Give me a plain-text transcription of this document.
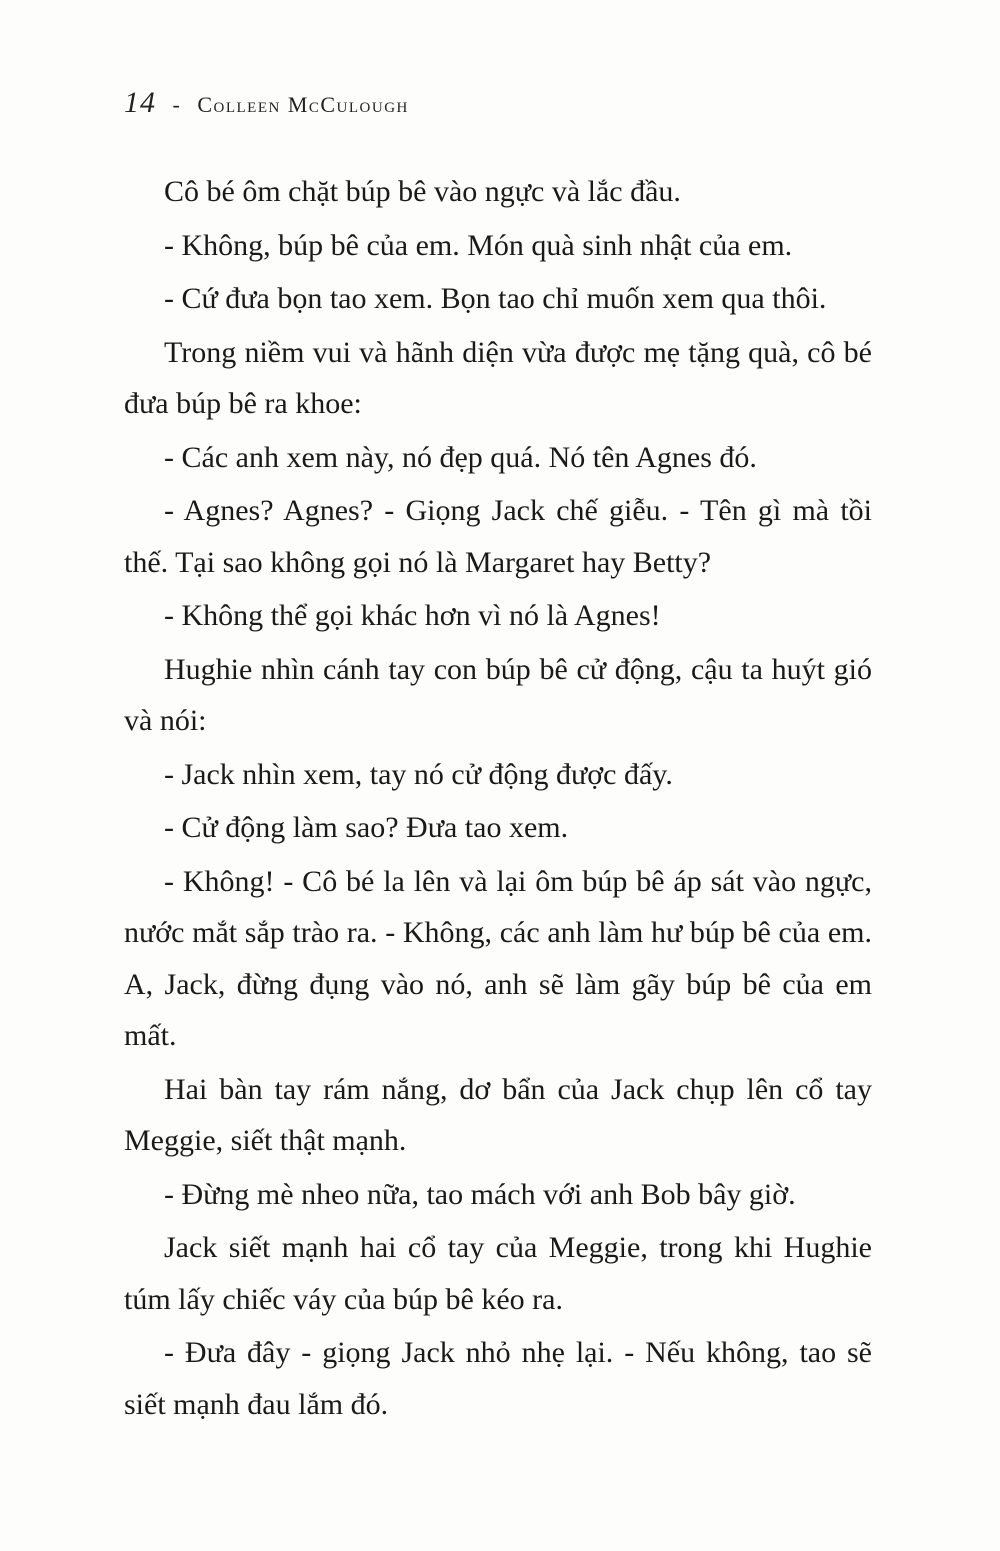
14 - Colleen McCulough

Cô bé ôm chặt búp bê vào ngực và lắc đầu.

- Không, búp bê của em. Món quà sinh nhật của em.

- Cứ đưa bọn tao xem. Bọn tao chỉ muốn xem qua thôi.

Trong niềm vui và hãnh diện vừa được mẹ tặng quà, cô bé đưa búp bê ra khoe:

- Các anh xem này, nó đẹp quá. Nó tên Agnes đó.

- Agnes? Agnes? - Giọng Jack chế giễu. - Tên gì mà tồi thế. Tại sao không gọi nó là Margaret hay Betty?

- Không thể gọi khác hơn vì nó là Agnes!

Hughie nhìn cánh tay con búp bê cử động, cậu ta huýt gió và nói:

- Jack nhìn xem, tay nó cử động được đấy.

- Cử động làm sao? Đưa tao xem.

- Không! - Cô bé la lên và lại ôm búp bê áp sát vào ngực, nước mắt sắp trào ra. - Không, các anh làm hư búp bê của em. A, Jack, đừng đụng vào nó, anh sẽ làm gãy búp bê của em mất.

Hai bàn tay rám nắng, dơ bẩn của Jack chụp lên cổ tay Meggie, siết thật mạnh.

- Đừng mè nheo nữa, tao mách với anh Bob bây giờ.

Jack siết mạnh hai cổ tay của Meggie, trong khi Hughie túm lấy chiếc váy của búp bê kéo ra.

- Đưa đây - giọng Jack nhỏ nhẹ lại. - Nếu không, tao sẽ siết mạnh đau lắm đó.
